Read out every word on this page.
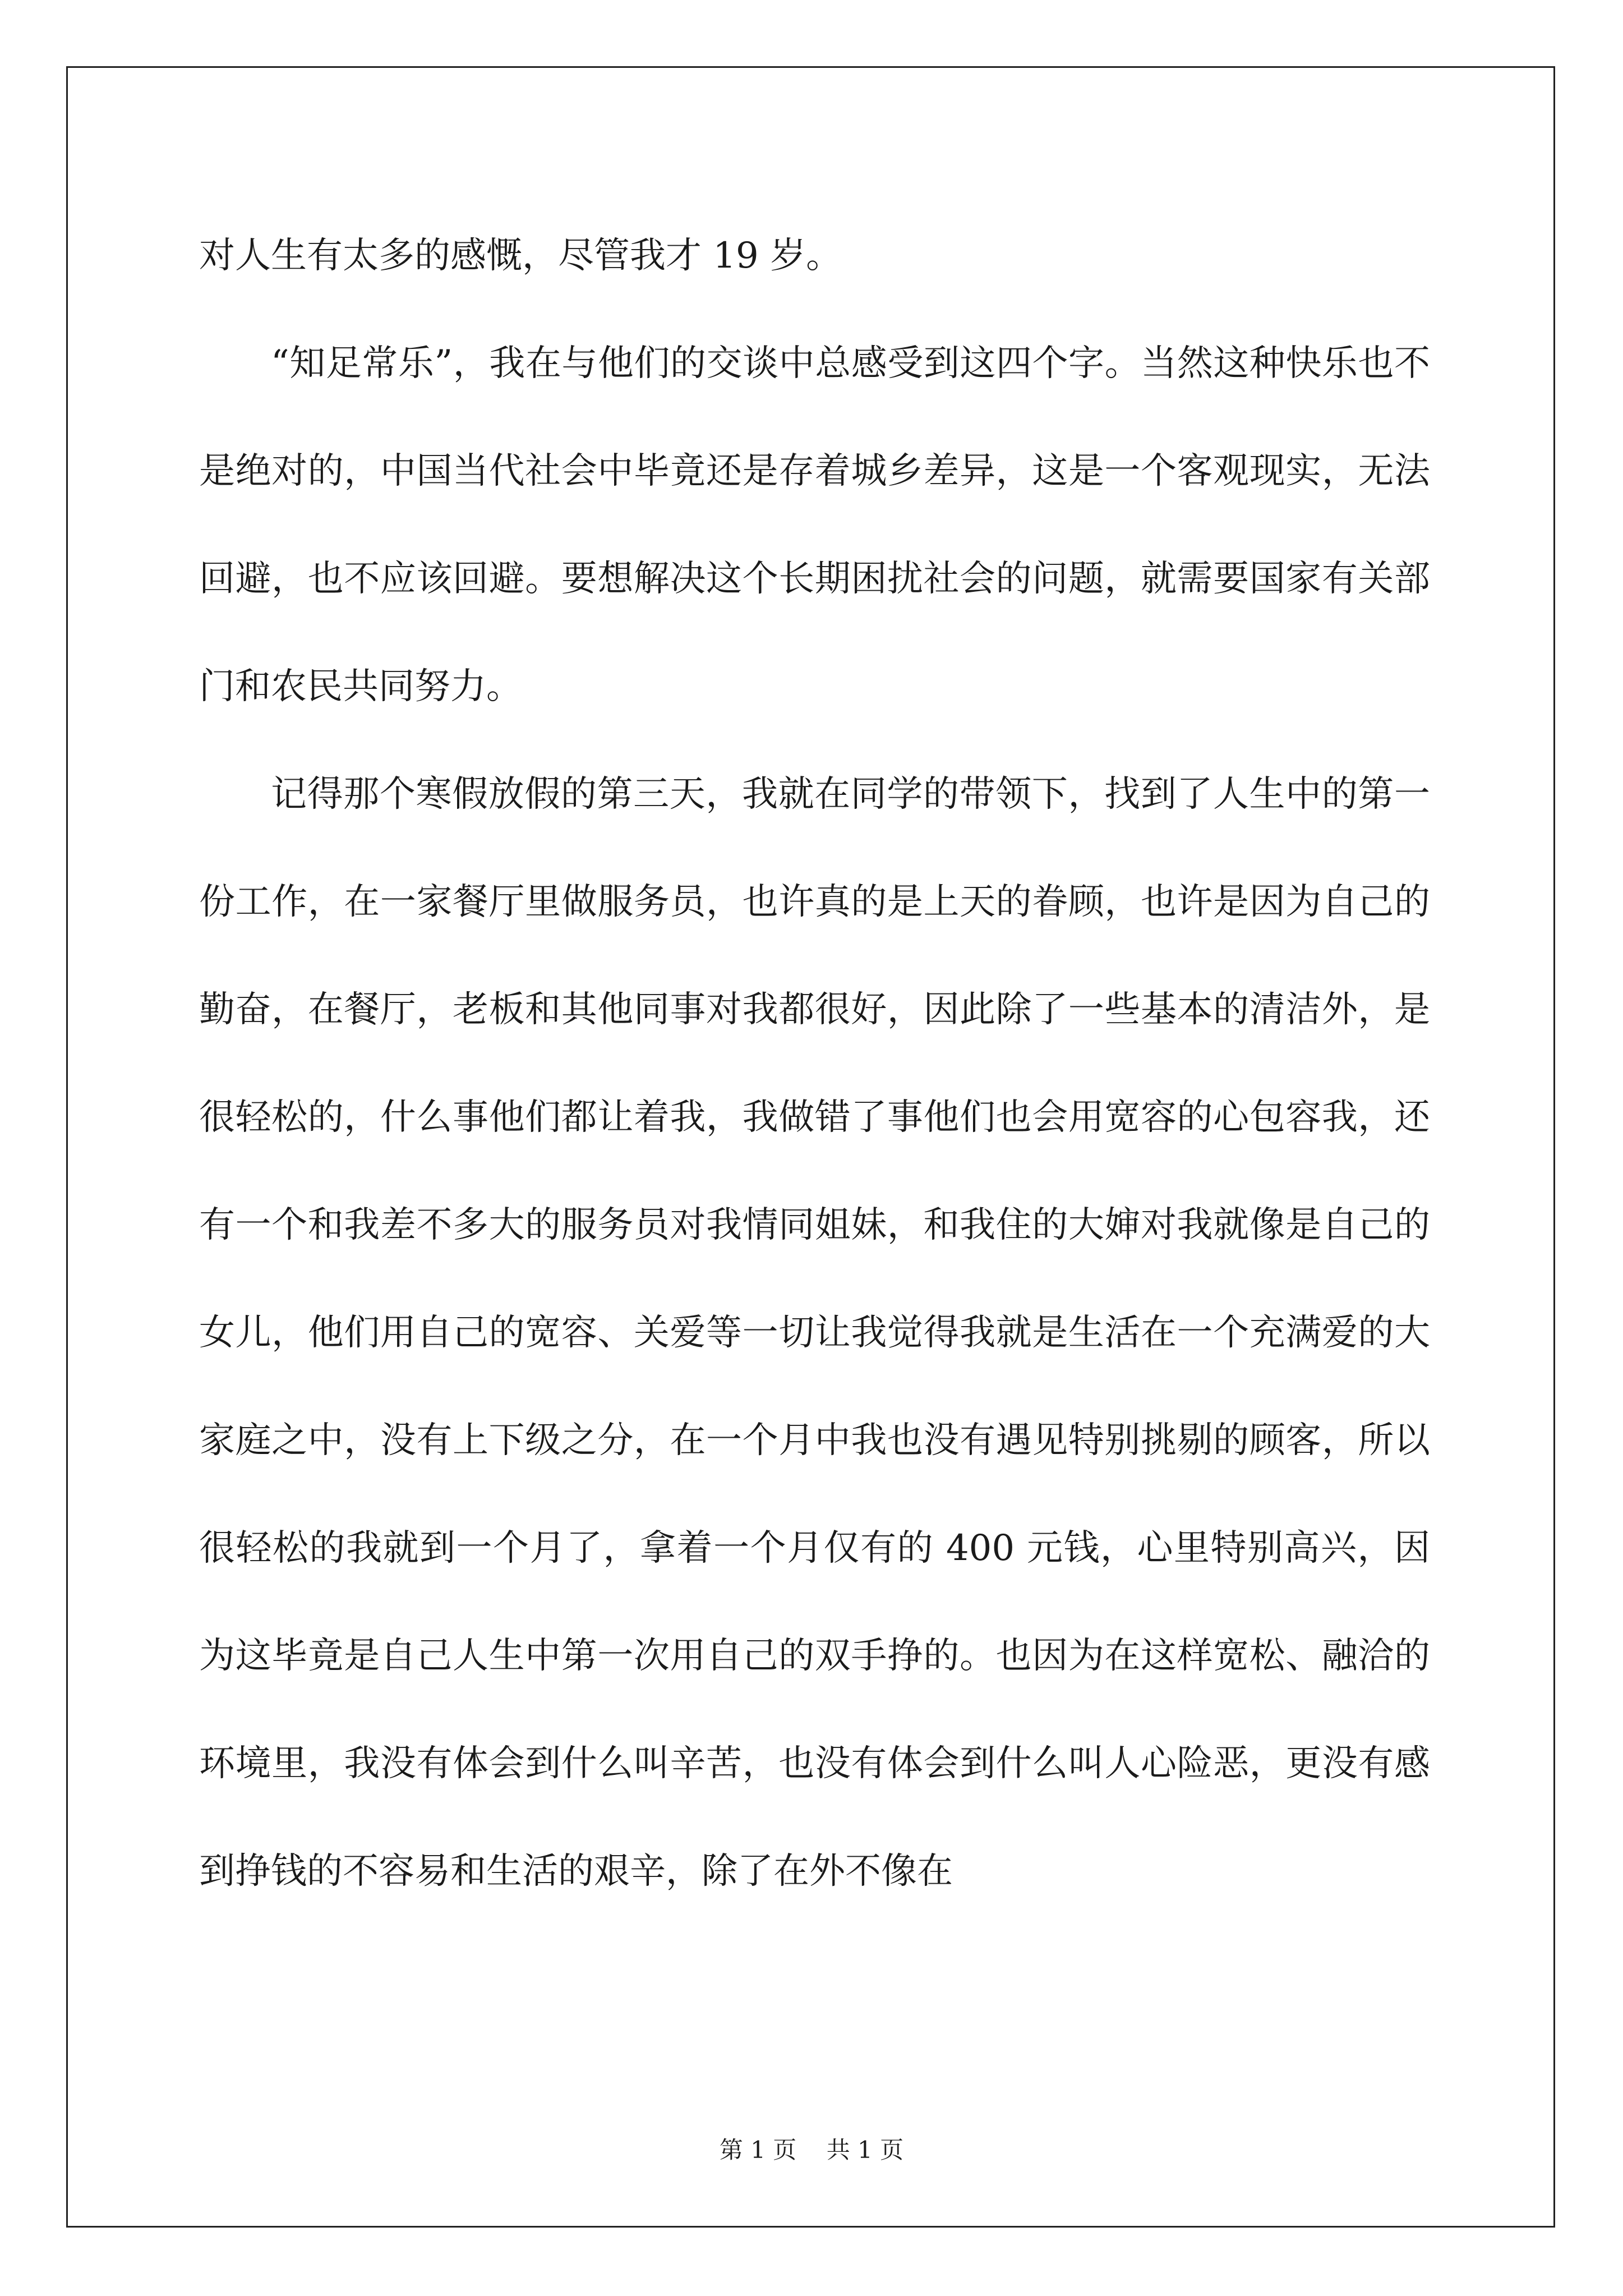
对人生有太多的感慨，尽管我才 19 岁。

“知足常乐”，我在与他们的交谈中总感受到这四个字。当然这种快乐也不是绝对的，中国当代社会中毕竟还是存着城乡差异，这是一个客观现实，无法回避，也不应该回避。要想解决这个长期困扰社会的问题，就需要国家有关部门和农民共同努力。

记得那个寒假放假的第三天，我就在同学的带领下，找到了人生中的第一份工作，在一家餐厅里做服务员，也许真的是上天的眷顾，也许是因为自己的勤奋，在餐厅，老板和其他同事对我都很好，因此除了一些基本的清洁外，是很轻松的，什么事他们都让着我，我做错了事他们也会用宽容的心包容我，还有一个和我差不多大的服务员对我情同姐妹，和我住的大婶对我就像是自己的女儿，他们用自己的宽容、关爱等一切让我觉得我就是生活在一个充满爱的大家庭之中，没有上下级之分，在一个月中我也没有遇见特别挑剔的顾客，所以很轻松的我就到一个月了，拿着一个月仅有的 400 元钱，心里特别高兴，因为这毕竟是自己人生中第一次用自己的双手挣的。也因为在这样宽松、融洽的环境里，我没有体会到什么叫辛苦，也没有体会到什么叫人心险恶，更没有感到挣钱的不容易和生活的艰辛，除了在外不像在

第 1 页    共 1 页
